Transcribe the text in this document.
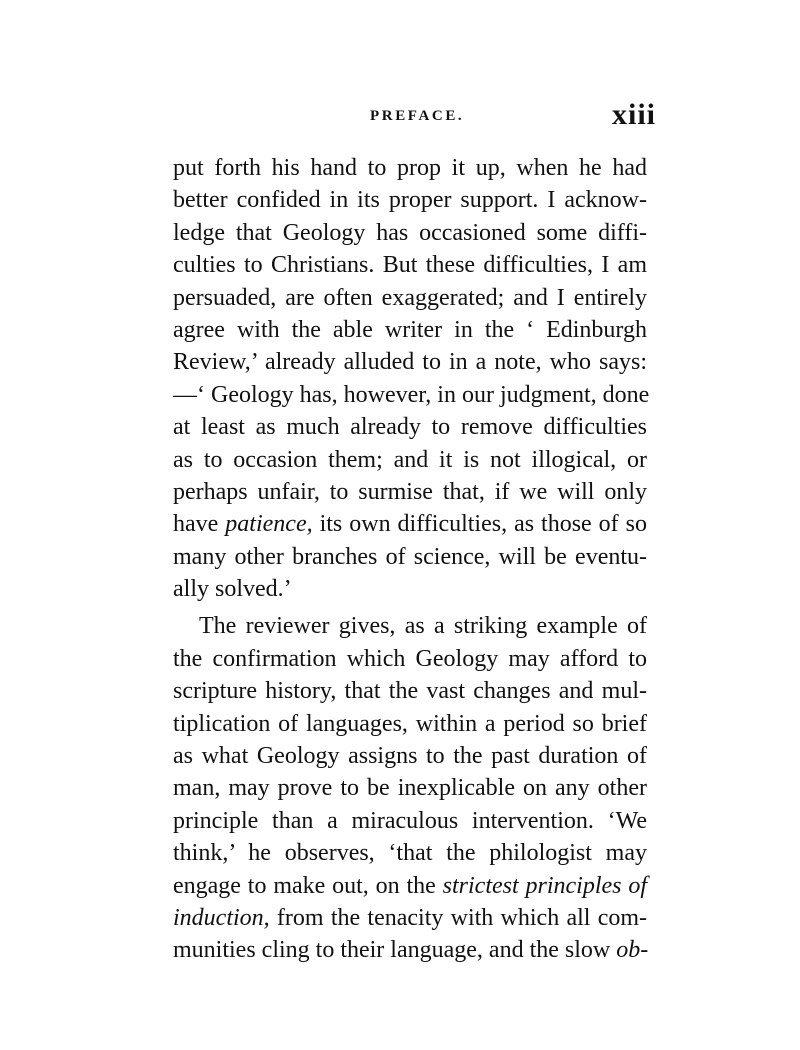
PREFACE.	xiii
put forth his hand to prop it up, when he had
better confided in its proper support. I acknow-
ledge that Geology has occasioned some diffi-
culties to Christians. But these difficulties, I am
persuaded, are often exaggerated; and I entirely
agree with the able writer in the ‘ Edinburgh
Review,’ already alluded to in a note, who says:
—‘ Geology has, however, in our judgment, done
at least as much already to remove difficulties
as to occasion them; and it is not illogical, or
perhaps unfair, to surmise that, if we will only
have patience, its own difficulties, as those of so
many other branches of science, will be eventu-
ally solved.’
The reviewer gives, as a striking example of
the confirmation which Geology may afford to
scripture history, that the vast changes and mul-
tiplication of languages, within a period so brief
as what Geology assigns to the past duration of
man, may prove to be inexplicable on any other
principle than a miraculous intervention. ‘We
think,’ he observes, ‘that the philologist may
engage to make out, on the strictest principles of
induction, from the tenacity with which all com-
munities cling to their language, and the slow ob-
